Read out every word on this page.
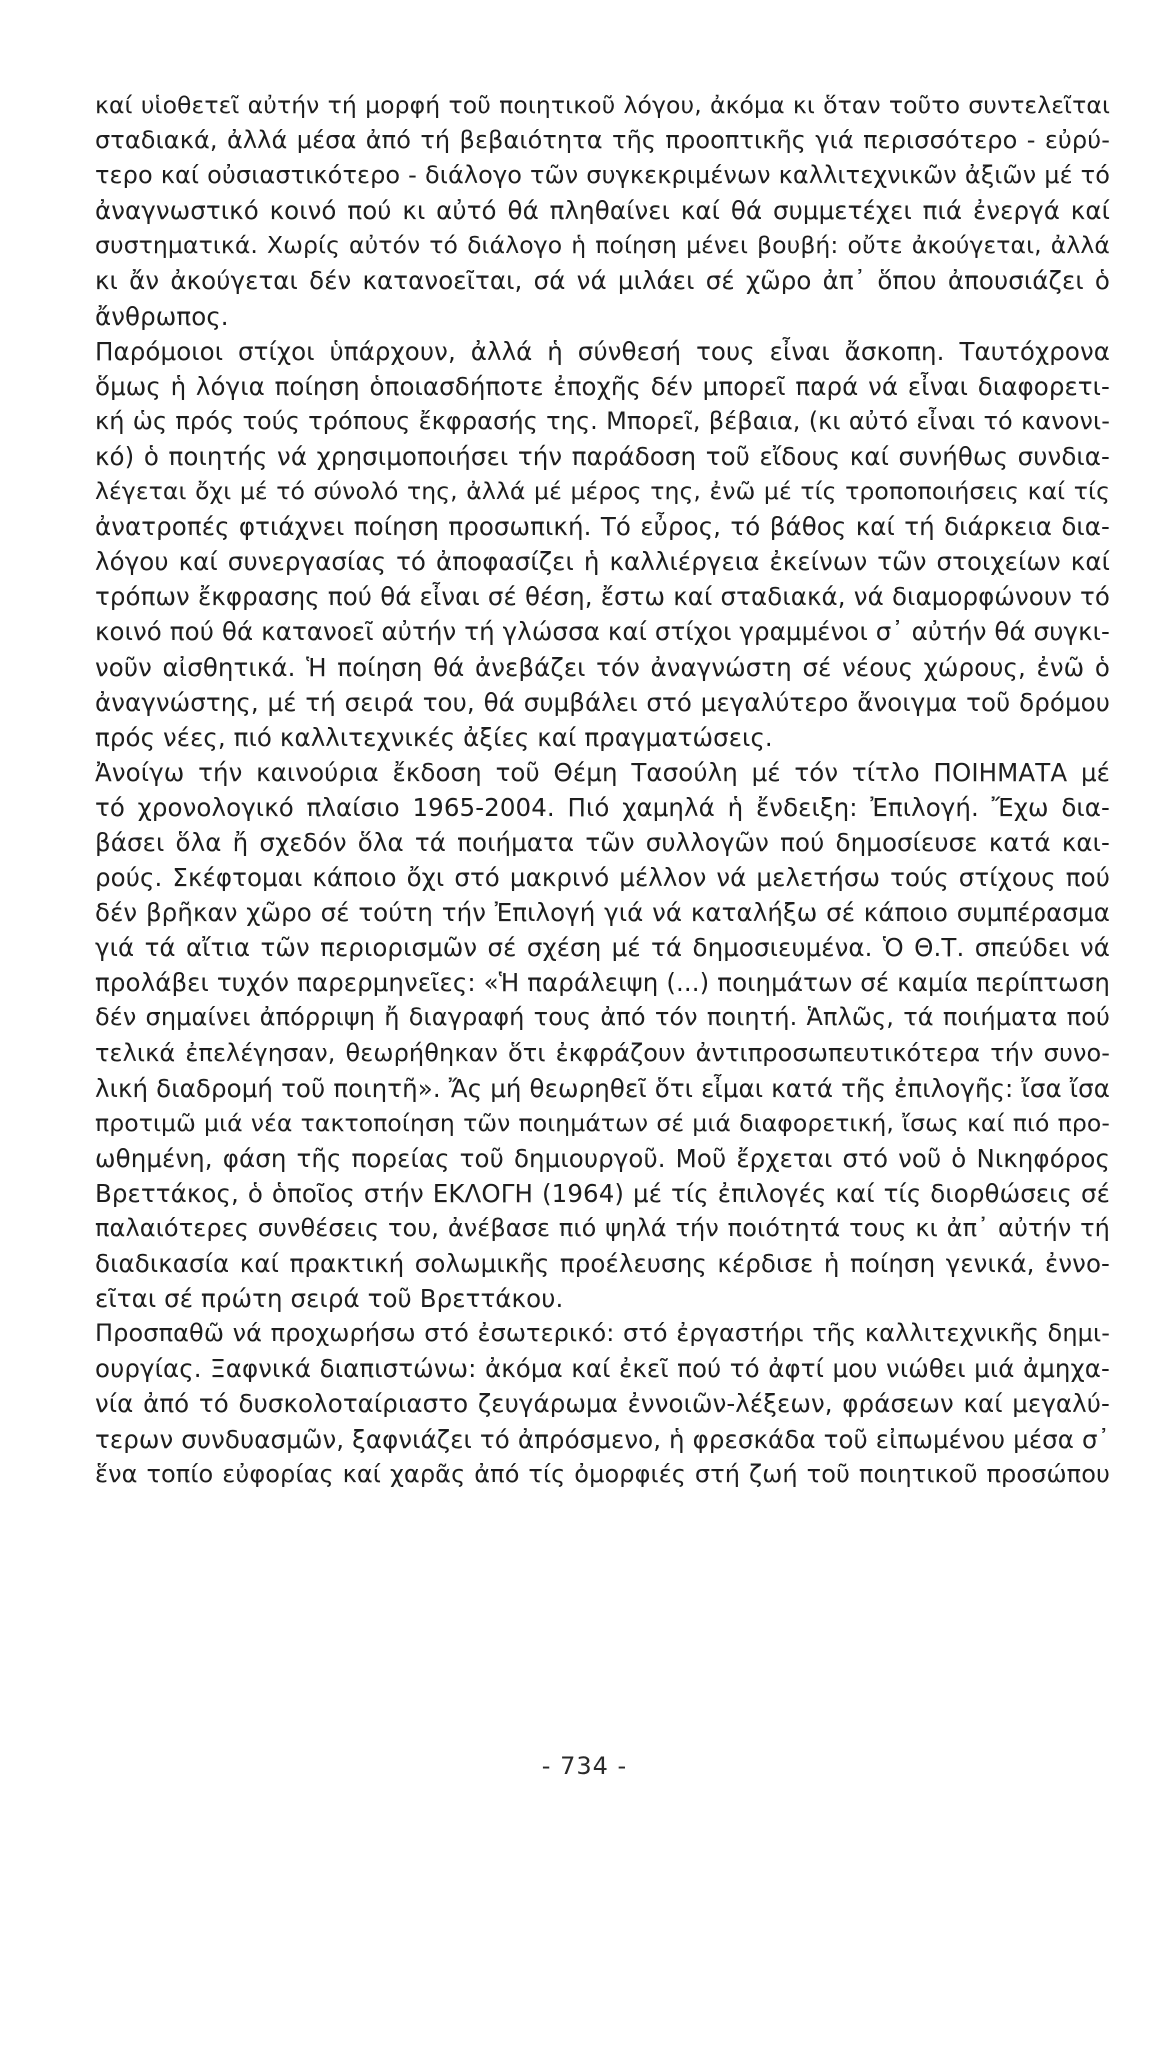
καί υἱοθετεῖ αὐτήν τή μορφή τοῦ ποιητικοῦ λόγου, ἀκόμα κι ὅταν τοῦτο συντελεῖται
σταδιακά, ἀλλά μέσα ἀπό τή βεβαιότητα τῆς προοπτικῆς γιά περισσότερο - εὐρύ-
τερο καί οὐσιαστικότερο - διάλογο τῶν συγκεκριμένων καλλιτεχνικῶν ἀξιῶν μέ τό
ἀναγνωστικό κοινό πού κι αὐτό θά πληθαίνει καί θά συμμετέχει πιά ἐνεργά καί
συστηματικά. Χωρίς αὐτόν τό διάλογο ἡ ποίηση μένει βουβή: οὔτε ἀκούγεται, ἀλλά
κι ἄν ἀκούγεται δέν κατανοεῖται, σά νά μιλάει σέ χῶρο ἀπ᾽ ὅπου ἀπουσιάζει ὁ
ἄνθρωπος.
Παρόμοιοι στίχοι ὑπάρχουν, ἀλλά ἡ σύνθεσή τους εἶναι ἄσκοπη. Ταυτόχρονα
ὅμως ἡ λόγια ποίηση ὁποιασδήποτε ἐποχῆς δέν μπορεῖ παρά νά εἶναι διαφορετι-
κή ὡς πρός τούς τρόπους ἔκφρασής της. Μπορεῖ, βέβαια, (κι αὐτό εἶναι τό κανονι-
κό) ὁ ποιητής νά χρησιμοποιήσει τήν παράδοση τοῦ εἴδους καί συνήθως συνδια-
λέγεται ὄχι μέ τό σύνολό της, ἀλλά μέ μέρος της, ἐνῶ μέ τίς τροποποιήσεις καί τίς
ἀνατροπές φτιάχνει ποίηση προσωπική. Τό εὖρος, τό βάθος καί τή διάρκεια δια-
λόγου καί συνεργασίας τό ἀποφασίζει ἡ καλλιέργεια ἐκείνων τῶν στοιχείων καί
τρόπων ἔκφρασης πού θά εἶναι σέ θέση, ἔστω καί σταδιακά, νά διαμορφώνουν τό
κοινό πού θά κατανοεῖ αὐτήν τή γλώσσα καί στίχοι γραμμένοι σ᾽ αὐτήν θά συγκι-
νοῦν αἰσθητικά. Ἡ ποίηση θά ἀνεβάζει τόν ἀναγνώστη σέ νέους χώρους, ἐνῶ ὁ
ἀναγνώστης, μέ τή σειρά του, θά συμβάλει στό μεγαλύτερο ἄνοιγμα τοῦ δρόμου
πρός νέες, πιό καλλιτεχνικές ἀξίες καί πραγματώσεις.
Ἀνοίγω τήν καινούρια ἔκδοση τοῦ Θέμη Τασούλη μέ τόν τίτλο ΠΟΙΗΜΑΤΑ μέ
τό χρονολογικό πλαίσιο 1965-2004. Πιό χαμηλά ἡ ἔνδειξη: Ἐπιλογή. Ἔχω δια-
βάσει ὅλα ἤ σχεδόν ὅλα τά ποιήματα τῶν συλλογῶν πού δημοσίευσε κατά και-
ρούς. Σκέφτομαι κάποιο ὄχι στό μακρινό μέλλον νά μελετήσω τούς στίχους πού
δέν βρῆκαν χῶρο σέ τούτη τήν Ἐπιλογή γιά νά καταλήξω σέ κάποιο συμπέρασμα
γιά τά αἴτια τῶν περιορισμῶν σέ σχέση μέ τά δημοσιευμένα. Ὁ Θ.Τ. σπεύδει νά
προλάβει τυχόν παρερμηνεῖες: «Ἡ παράλειψη (...) ποιημάτων σέ καμία περίπτωση
δέν σημαίνει ἀπόρριψη ἤ διαγραφή τους ἀπό τόν ποιητή. Ἁπλῶς, τά ποιήματα πού
τελικά ἐπελέγησαν, θεωρήθηκαν ὅτι ἐκφράζουν ἀντιπροσωπευτικότερα τήν συνο-
λική διαδρομή τοῦ ποιητῆ». Ἄς μή θεωρηθεῖ ὅτι εἶμαι κατά τῆς ἐπιλογῆς: ἴσα ἴσα
προτιμῶ μιά νέα τακτοποίηση τῶν ποιημάτων σέ μιά διαφορετική, ἴσως καί πιό προ-
ωθημένη, φάση τῆς πορείας τοῦ δημιουργοῦ. Μοῦ ἔρχεται στό νοῦ ὁ Νικηφόρος
Βρεττάκος, ὁ ὁποῖος στήν ΕΚΛΟΓΗ (1964) μέ τίς ἐπιλογές καί τίς διορθώσεις σέ
παλαιότερες συνθέσεις του, ἀνέβασε πιό ψηλά τήν ποιότητά τους κι ἀπ᾽ αὐτήν τή
διαδικασία καί πρακτική σολωμικῆς προέλευσης κέρδισε ἡ ποίηση γενικά, ἐννο-
εῖται σέ πρώτη σειρά τοῦ Βρεττάκου.
Προσπαθῶ νά προχωρήσω στό ἐσωτερικό: στό ἐργαστήρι τῆς καλλιτεχνικῆς δημι-
ουργίας. Ξαφνικά διαπιστώνω: ἀκόμα καί ἐκεῖ πού τό ἀφτί μου νιώθει μιά ἀμηχα-
νία ἀπό τό δυσκολοταίριαστο ζευγάρωμα ἐννοιῶν-λέξεων, φράσεων καί μεγαλύ-
τερων συνδυασμῶν, ξαφνιάζει τό ἀπρόσμενο, ἡ φρεσκάδα τοῦ εἰπωμένου μέσα σ᾽
ἕνα τοπίο εὐφορίας καί χαρᾶς ἀπό τίς ὀμορφιές στή ζωή τοῦ ποιητικοῦ προσώπου
- 734 -
